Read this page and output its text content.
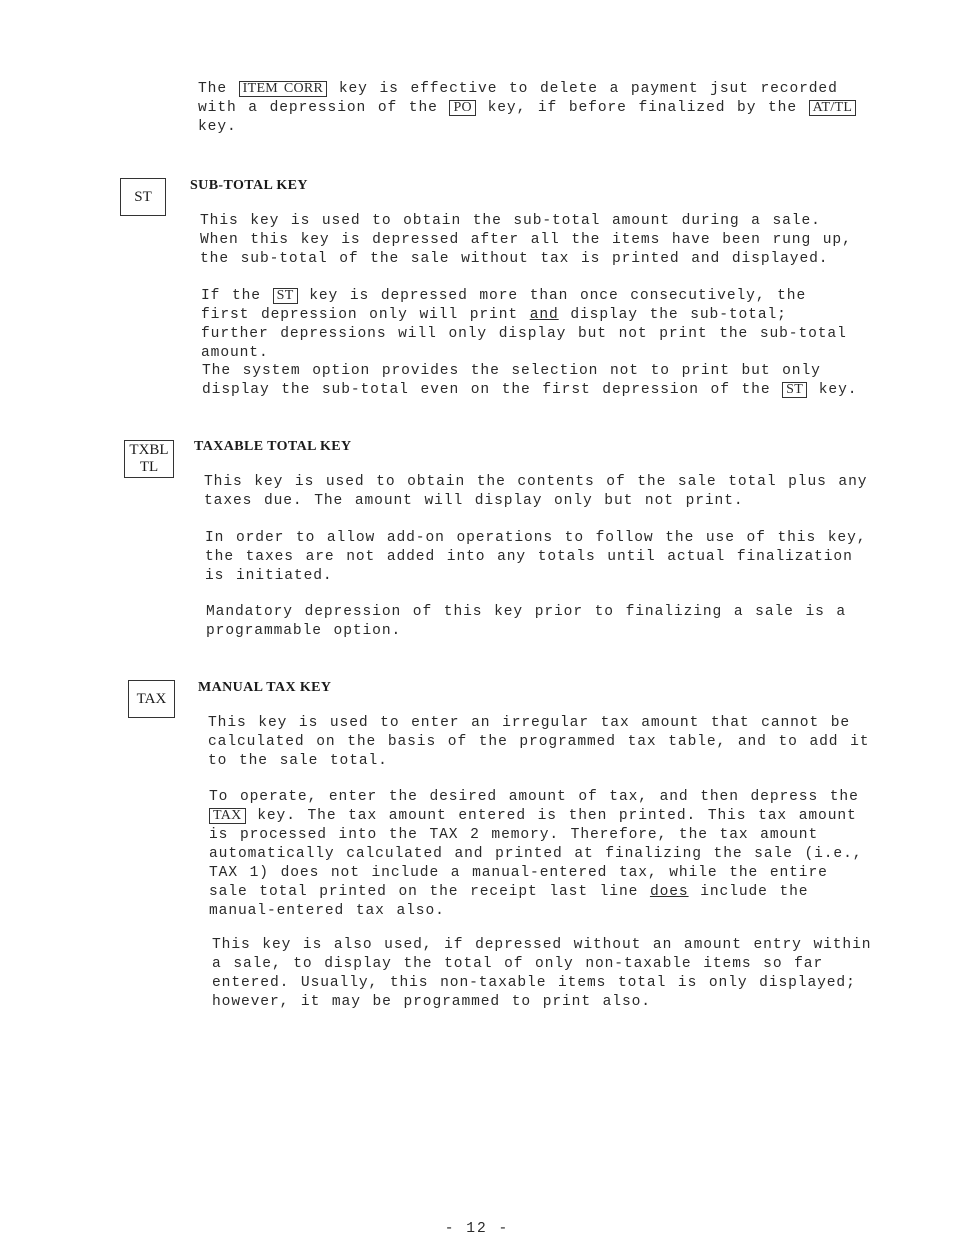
The ITEM CORR key is effective to delete a payment jsut recorded with a depression of the PO key, if before finalized by the AT/TL key.

ST
SUB-TOTAL KEY

This key is used to obtain the sub-total amount during a sale. When this key is depressed after all the items have been rung up, the sub-total of the sale without tax is printed and displayed.

If the ST key is depressed more than once consecutively, the first depression only will print and display the sub-total; further depressions will only display but not print the sub-total amount.

The system option provides the selection not to print but only display the sub-total even on the first depression of the ST key.

TXBL
TL
TAXABLE TOTAL KEY

This key is used to obtain the contents of the sale total plus any taxes due. The amount will display only but not print.

In order to allow add-on operations to follow the use of this key, the taxes are not added into any totals until actual finalization is initiated.

Mandatory depression of this key prior to finalizing a sale is a programmable option.

TAX
MANUAL TAX KEY

This key is used to enter an irregular tax amount that cannot be calculated on the basis of the programmed tax table, and to add it to the sale total.

To operate, enter the desired amount of tax, and then depress the TAX key. The tax amount entered is then printed. This tax amount is processed into the TAX 2 memory. Therefore, the tax amount automatically calculated and printed at finalizing the sale (i.e., TAX 1) does not include a manual-entered tax, while the entire sale total printed on the receipt last line does include the manual-entered tax also.

This key is also used, if depressed without an amount entry within a sale, to display the total of only non-taxable items so far entered. Usually, this non-taxable items total is only displayed; however, it may be programmed to print also.

- 12 -
